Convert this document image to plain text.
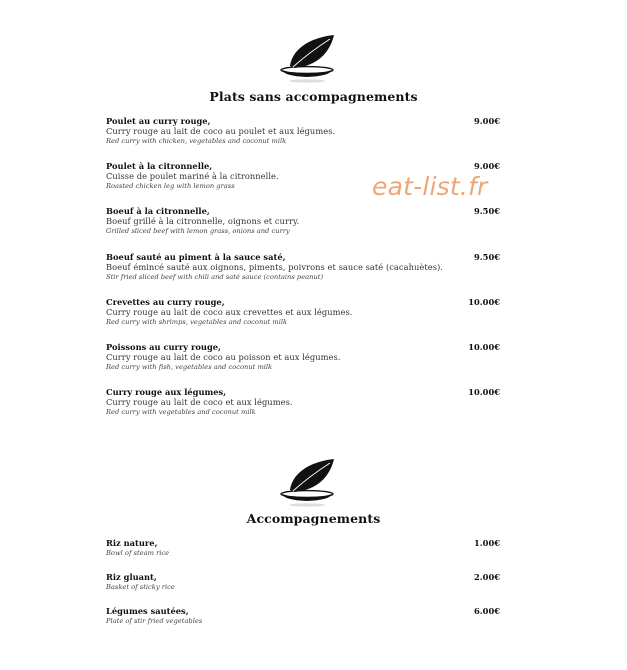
Plats sans accompagnements
Poulet au curry rouge,
Curry rouge au lait de coco au poulet et aux légumes.
Red curry with chicken, vegetables and coconut milk
9.00€
Poulet à la citronnelle,
Cuisse de poulet mariné à la citronnelle.
Roasted chicken leg with lemon grass
9.00€
Boeuf à la citronnelle,
Boeuf grillé à la citronnelle, oignons et curry.
Grilled sliced beef with lemon grass, onions and curry
9.50€
Boeuf sauté au piment à la sauce saté,
Boeuf émincé sauté aux oignons, piments, poivrons et sauce saté (cacahuètes).
Stir fried sliced beef with chili and saté sauce (contains peanut)
9.50€
Crevettes au curry rouge,
Curry rouge au lait de coco aux crevettes et aux légumes.
Red curry with shrimps, vegetables and coconut milk
10.00€
Poissons au curry rouge,
Curry rouge au lait de coco au poisson et aux légumes.
Red curry with fish, vegetables and coconut milk
10.00€
Curry rouge aux légumes,
Curry rouge au lait de coco et aux légumes.
Red curry with vegetables and coconut milk
10.00€
Accompagnements
Riz nature,
Bowl of steam rice
1.00€
Riz gluant,
Basket of sticky rice
2.00€
Légumes sautées,
Plate of stir fried vegetables
6.00€
eat-list.fr
